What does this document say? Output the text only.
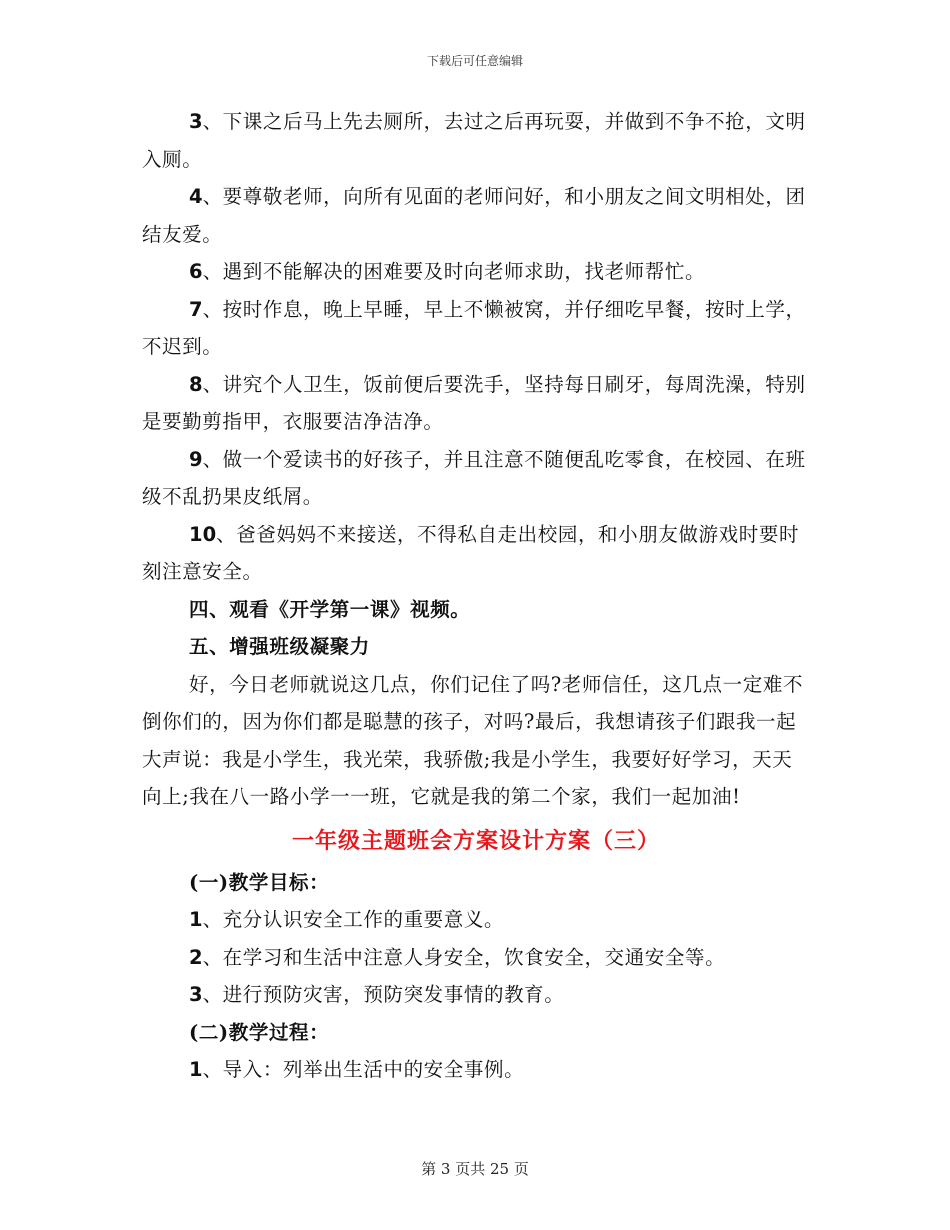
下载后可任意编辑

3、下课之后马上先去厕所，去过之后再玩耍，并做到不争不抢，文明入厕。

4、要尊敬老师，向所有见面的老师问好，和小朋友之间文明相处，团结友爱。

6、遇到不能解决的困难要及时向老师求助，找老师帮忙。

7、按时作息，晚上早睡，早上不懒被窝，并仔细吃早餐，按时上学，不迟到。

8、讲究个人卫生，饭前便后要洗手，坚持每日刷牙，每周洗澡，特别是要勤剪指甲，衣服要洁净洁净。

9、做一个爱读书的好孩子，并且注意不随便乱吃零食，在校园、在班级不乱扔果皮纸屑。

10、爸爸妈妈不来接送，不得私自走出校园，和小朋友做游戏时要时刻注意安全。

四、观看《开学第一课》视频。

五、增强班级凝聚力

好，今日老师就说这几点，你们记住了吗?老师信任，这几点一定难不倒你们的，因为你们都是聪慧的孩子，对吗?最后，我想请孩子们跟我一起大声说：我是小学生，我光荣，我骄傲;我是小学生，我要好好学习，天天向上;我在八一路小学一一班，它就是我的第二个家，我们一起加油!

一年级主题班会方案设计方案（三）

(一)教学目标：

1、充分认识安全工作的重要意义。

2、在学习和生活中注意人身安全，饮食安全，交通安全等。

3、进行预防灾害，预防突发事情的教育。

(二)教学过程：

1、导入：列举出生活中的安全事例。

第 3 页共 25 页
